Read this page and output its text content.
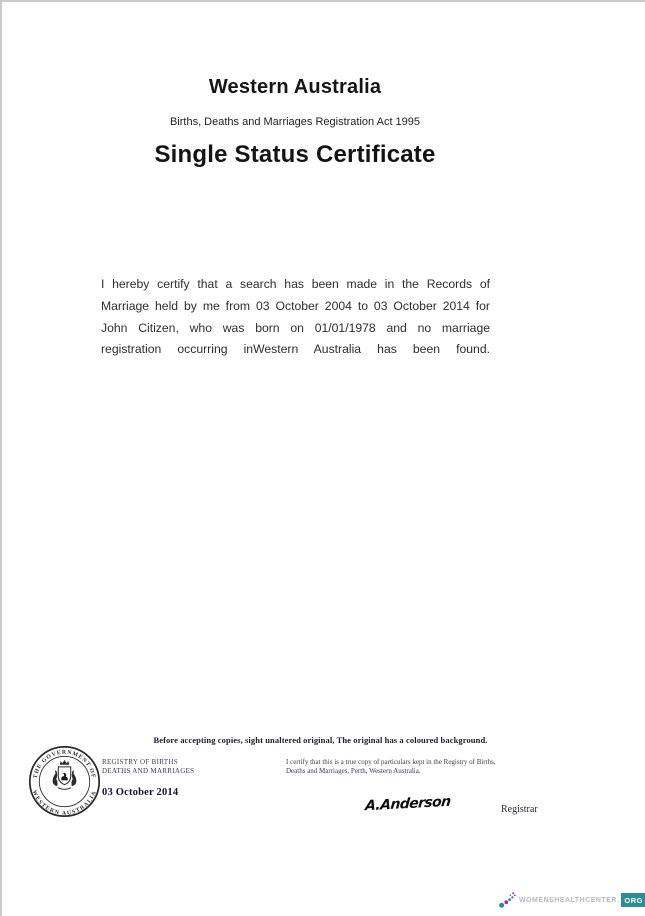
Western Australia
Births, Deaths and Marriages Registration Act 1995
Single Status Certificate
I hereby certify that a search has been made in the Records of
Marriage held by me from 03 October 2004 to 03 October 2014 for
John Citizen, who was born on 01/01/1978 and no marriage
registration occurring inWestern Australia has been found.
Before accepting copies, sight unaltered original, The original has a coloured background.
THE GOVERNMENT OF
WESTERN AUSTRALIA
REGISTRY OF BIRTHS
DEATHS AND MARRIAGES
03 October 2014
I certify that this is a true copy of particulars kept in the Registry of Births,
Deaths and Marriages, Perth, Western Australia.
A.Anderson	Registrar
WOMENSHEALTHCENTER . ORG
